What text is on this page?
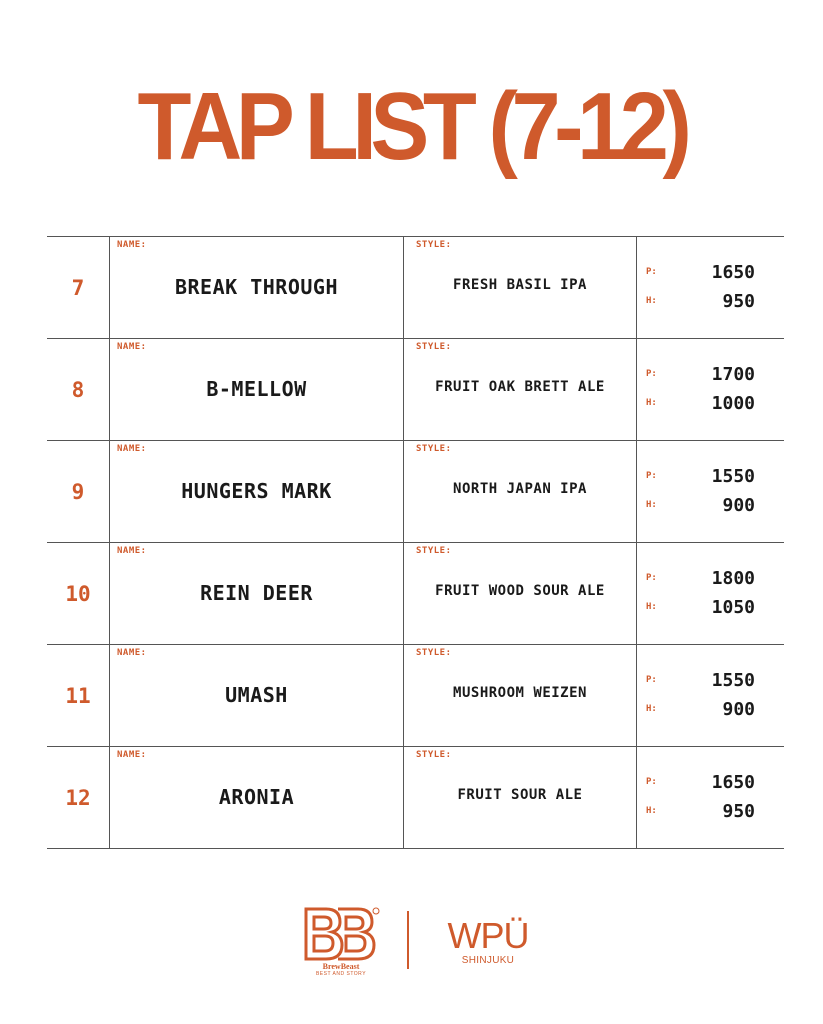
TAP LIST (7-12)
7
NAME:
BREAK THROUGH
STYLE:
FRESH BASIL IPA
P:	1650
H:	950
8
NAME:
B-MELLOW
STYLE:
FRUIT OAK BRETT ALE
P:	1700
H:	1000
9
NAME:
HUNGERS MARK
STYLE:
NORTH JAPAN IPA
P:	1550
H:	900
10
NAME:
REIN DEER
STYLE:
FRUIT WOOD SOUR ALE
P:	1800
H:	1050
11
NAME:
UMASH
STYLE:
MUSHROOM WEIZEN
P:	1550
H:	900
12
NAME:
ARONIA
STYLE:
FRUIT SOUR ALE
P:	1650
H:	950
BrewBeast
BEST AND STORY
WPÜ
SHINJUKU
